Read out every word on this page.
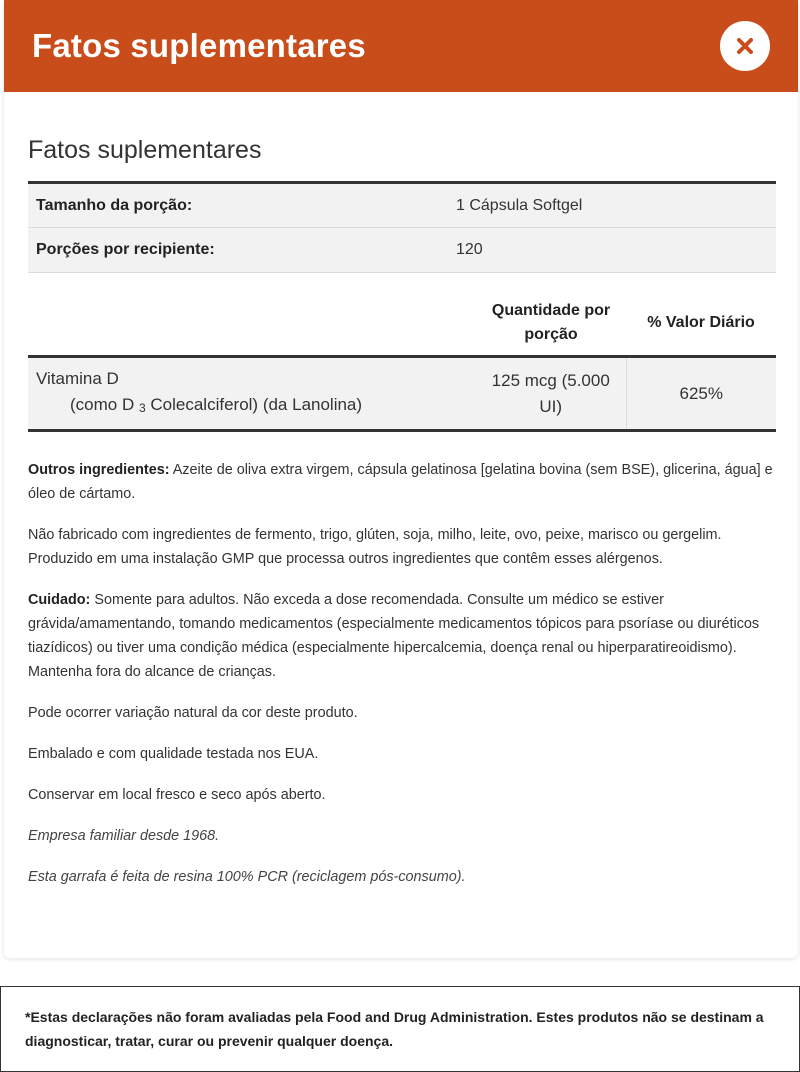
Fatos suplementares
Fatos suplementares
Tamanho da porção:	1 Cápsula Softgel
Porções por recipiente:	120
	Quantidade por porção	% Valor Diário

Vitamina D
(como D $_3$ Colecalciferol) (da Lanolina)	125 mcg (5.000 UI)	625%

Outros ingredientes: Azeite de oliva extra virgem, cápsula gelatinosa [gelatina bovina (sem BSE), glicerina, água] e óleo de cártamo.

Não fabricado com ingredientes de fermento, trigo, glúten, soja, milho, leite, ovo, peixe, marisco ou gergelim. Produzido em uma instalação GMP que processa outros ingredientes que contêm esses alérgenos.

Cuidado: Somente para adultos. Não exceda a dose recomendada. Consulte um médico se estiver grávida/amamentando, tomando medicamentos (especialmente medicamentos tópicos para psoríase ou diuréticos tiazídicos) ou tiver uma condição médica (especialmente hipercalcemia, doença renal ou hiperparatireoidismo). Mantenha fora do alcance de crianças.

Pode ocorrer variação natural da cor deste produto.

Embalado e com qualidade testada nos EUA.

Conservar em local fresco e seco após aberto.

Empresa familiar desde 1968.

Esta garrafa é feita de resina 100% PCR (reciclagem pós-consumo).

*Estas declarações não foram avaliadas pela Food and Drug Administration. Estes produtos não se destinam a diagnosticar, tratar, curar ou prevenir qualquer doença.
